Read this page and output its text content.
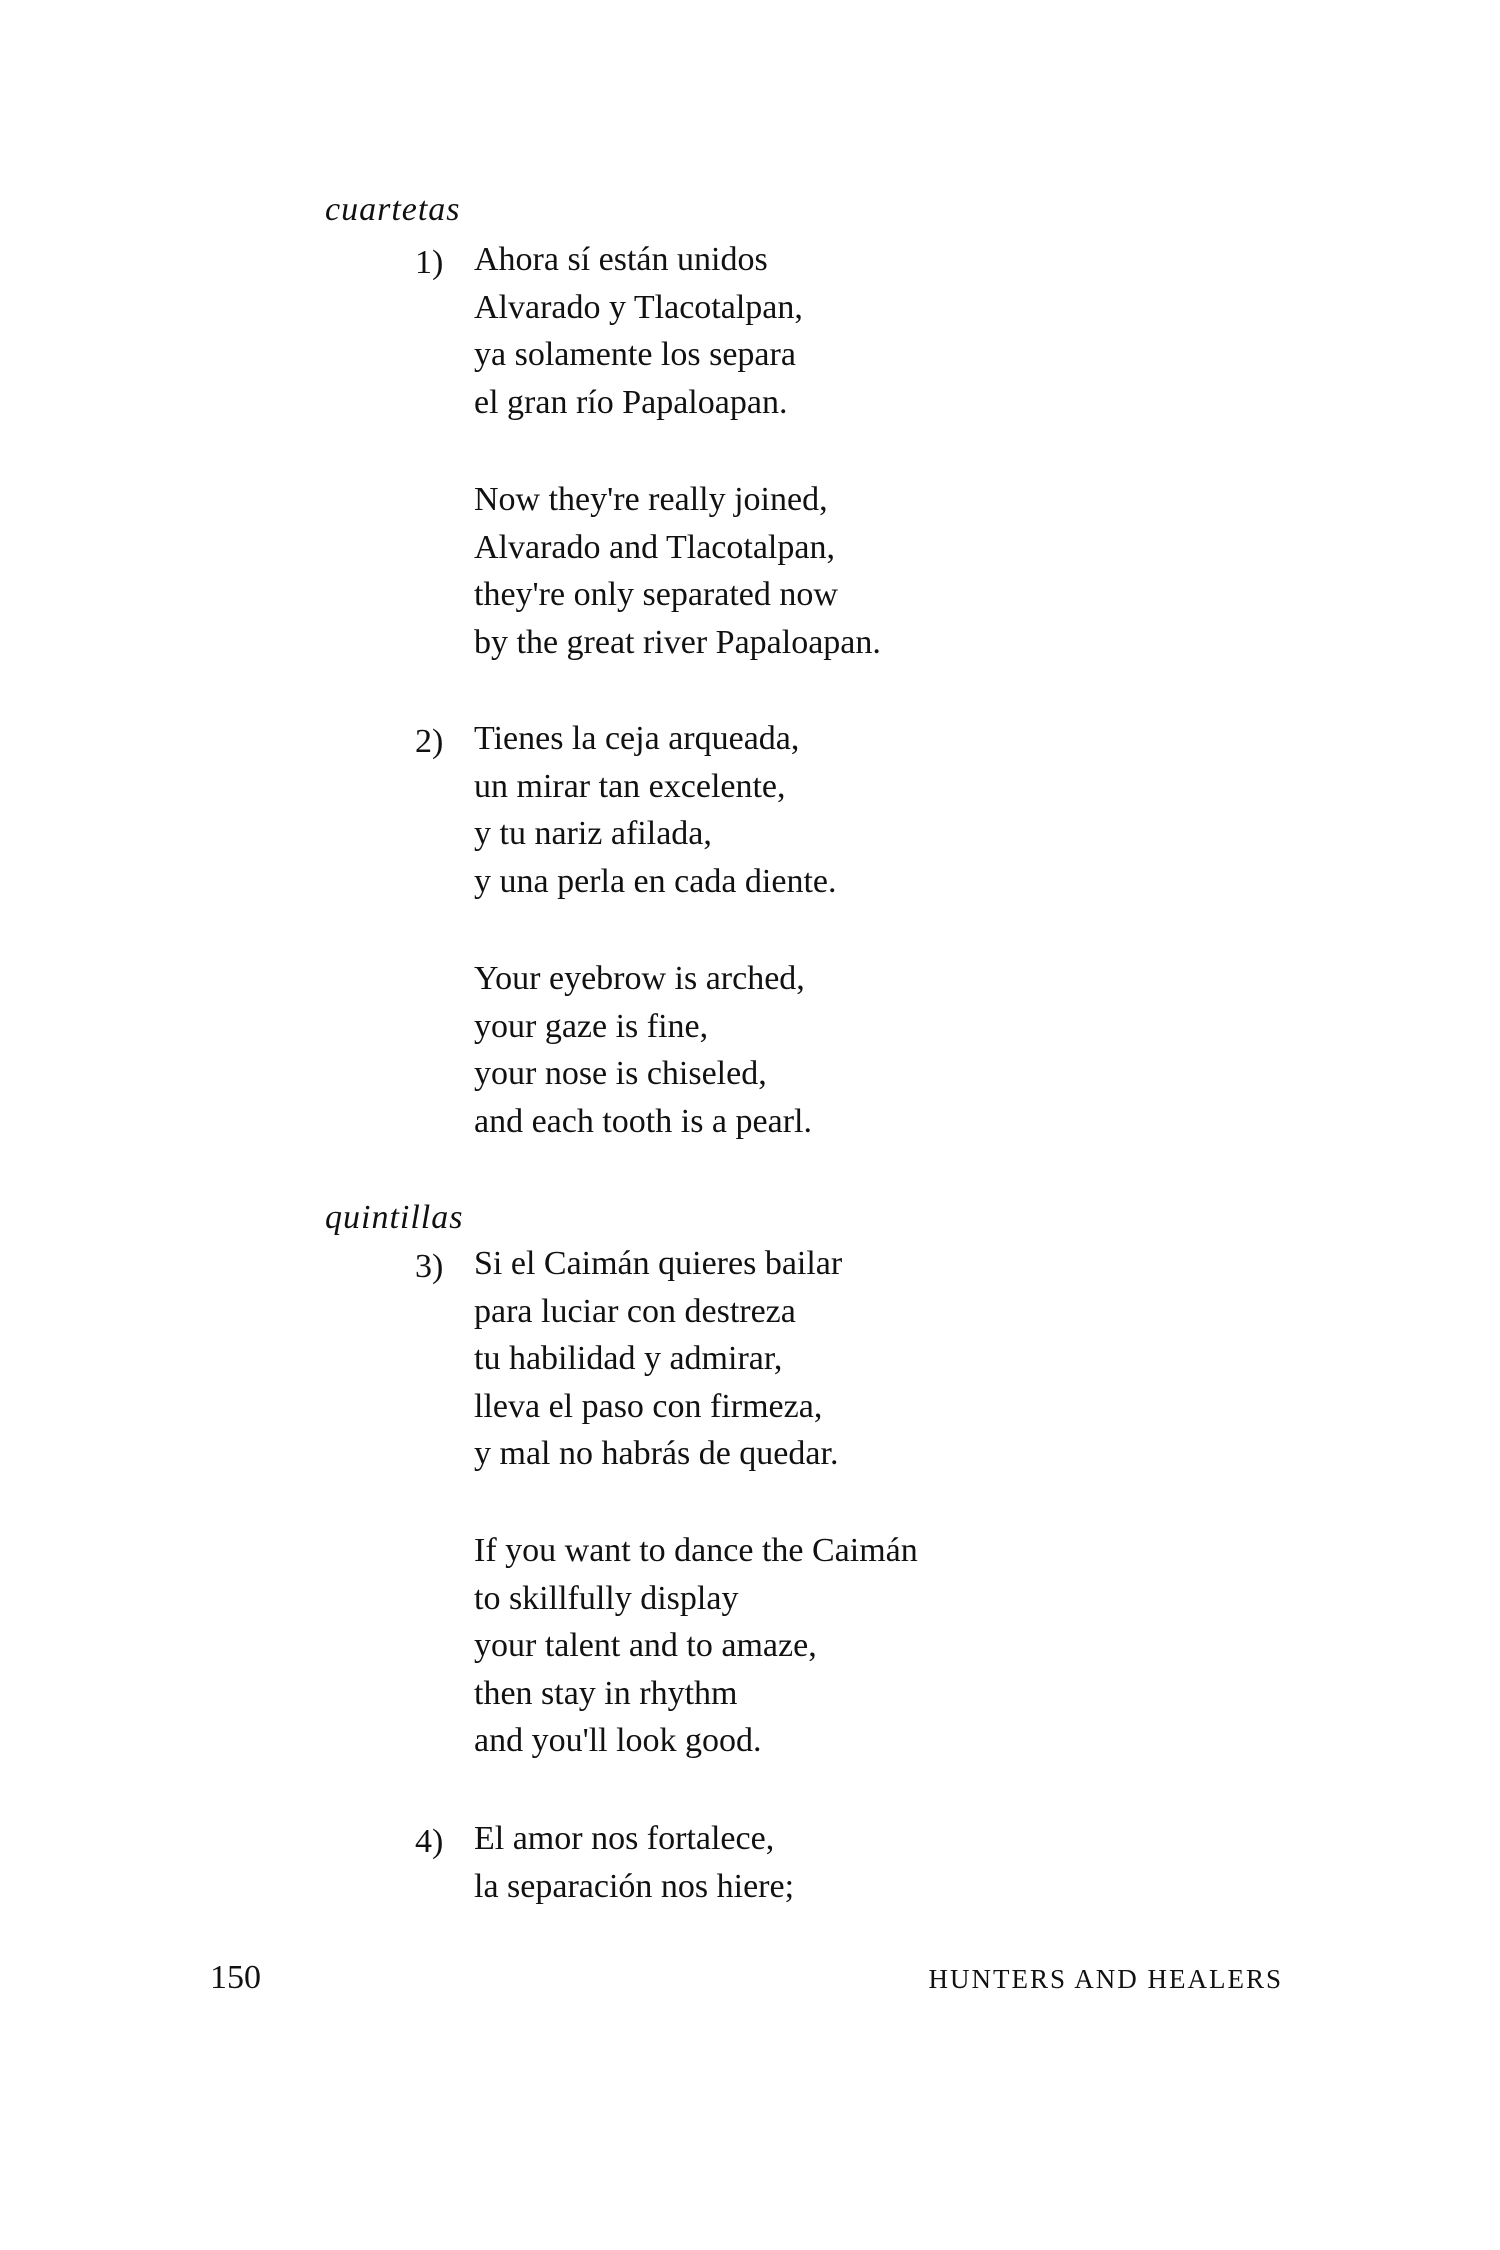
cuartetas
1) Ahora sí están unidos
Alvarado y Tlacotalpan,
ya solamente los separa
el gran río Papaloapan.
Now they're really joined,
Alvarado and Tlacotalpan,
they're only separated now
by the great river Papaloapan.
2) Tienes la ceja arqueada,
un mirar tan excelente,
y tu nariz afilada,
y una perla en cada diente.
Your eyebrow is arched,
your gaze is fine,
your nose is chiseled,
and each tooth is a pearl.
quintillas
3) Si el Caimán quieres bailar
para luciar con destreza
tu habilidad y admirar,
lleva el paso con firmeza,
y mal no habrás de quedar.
If you want to dance the Caimán
to skillfully display
your talent and to amaze,
then stay in rhythm
and you'll look good.
4) El amor nos fortalece,
la separación nos hiere;
150	HUNTERS AND HEALERS
